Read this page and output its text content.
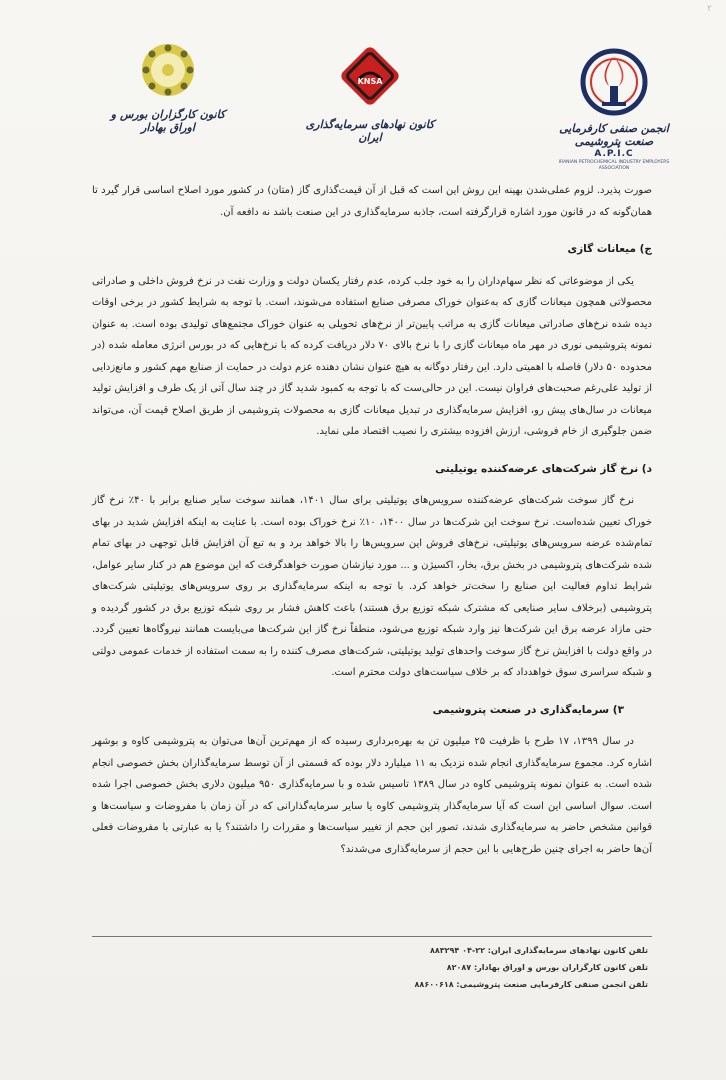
٢
انجمن صنفی کارفرمایی صنعت پتروشیمی
A.P.I.C
IRANIAN PETROCHEMICAL INDUSTRY EMPLOYERS ASSOCIATION
KNSA
کانون نهادهای سرمایه‌گذاری ایران
کانون کارگزاران بورس و اوراق بهادار

صورت پذیرد. لزوم عملی‌شدن بهینه این روش این است که قبل از آن قیمت‌گذاری گاز (متان) در کشور مورد اصلاح اساسی قرار گیرد تا همان‌گونه که در قانون مورد اشاره قرارگرفته است، جاذبه سرمایه‌گذاری در این صنعت باشد نه دافعه آن.

ج) میعانات گازی

یکی از موضوعاتی که نظر سهام‌داران را به خود جلب کرده، عدم رفتار یکسان دولت و وزارت نفت در نرخ فروش داخلی و صادراتی محصولاتی همچون میعانات گازی که به‌عنوان خوراک مصرفی صنایع استفاده می‌شوند، است. با توجه به شرایط کشور در برخی اوقات دیده شده نرخ‌های صادراتی میعانات گازی به مراتب پایین‌تر از نرخ‌های تحویلی به عنوان خوراک مجتمع‌های تولیدی بوده است. به عنوان نمونه پتروشیمی نوری در مهر ماه میعانات گازی را با نرخ بالای ۷۰ دلار دریافت کرده که با نرخ‌هایی که در بورس انرژی معامله شده (در محدوده ۵۰ دلار) فاصله با اهمیتی دارد. این رفتار دوگانه به هیچ عنوان نشان دهنده عزم دولت در حمایت از صنایع مهم کشور و مانع‌زدایی از تولید علی‌رغم صحبت‌های فراوان نیست. این در حالی‌ست که با توجه به کمبود شدید گاز در چند سال آتی از یک طرف و افزایش تولید میعانات در سال‌های پیش رو، افزایش سرمایه‌گذاری در تبدیل میعانات گازی به محصولات پتروشیمی از طریق اصلاح قیمت آن، می‌تواند ضمن جلوگیری از خام فروشی، ارزش افزوده بیشتری را نصیب اقتصاد ملی نماید.

د) نرخ گاز شرکت‌های عرضه‌کننده یوتیلیتی

نرخ گاز سوخت شرکت‌های عرضه‌کننده سرویس‌های یوتیلیتی برای سال ۱۴۰۱، همانند سوخت سایر صنایع برابر با ۴۰٪ نرخ گاز خوراک تعیین شده‌است. نرخ سوخت این شرکت‌ها در سال ۱۴۰۰، ۱۰٪ نرخ خوراک بوده است. با عنایت به اینکه افزایش شدید در بهای تمام‌شده عرضه سرویس‌های یوتیلیتی، نرخ‌های فروش این سرویس‌ها را بالا خواهد برد و به تبع آن افزایش قابل توجهی در بهای تمام شده شرکت‌های پتروشیمی در بخش برق، بخار، اکسیژن و ... مورد نیازشان صورت خواهدگرفت که این موضوع هم در کنار سایر عوامل، شرایط تداوم فعالیت این صنایع را سخت‌تر خواهد کرد. با توجه به اینکه سرمایه‌گذاری بر روی سرویس‌های یوتیلیتی شرکت‌های پتروشیمی (برخلاف سایر صنایعی که مشترک شبکه توزیع برق هستند) باعث کاهش فشار بر روی شبکه توزیع برق در کشور گردیده و حتی مازاد عرضه برق این شرکت‌ها نیز وارد شبکه توزیع می‌شود، منطقاً نرخ گاز این شرکت‌ها می‌بایست همانند نیروگاه‌ها تعیین گردد. در واقع دولت با افزایش نرخ گاز سوخت واحدهای تولید یوتیلیتی، شرکت‌های مصرف کننده را به سمت استفاده از خدمات عمومی دولتی و شبکه سراسری سوق خواهدداد که بر خلاف سیاست‌های دولت محترم است.

۳) سرمایه‌گذاری در صنعت پتروشیمی

در سال ۱۳۹۹، ۱۷ طرح با ظرفیت ۲۵ میلیون تن به بهره‌برداری رسیده که از مهم‌ترین آن‌ها می‌توان به پتروشیمی کاوه و بوشهر اشاره کرد. مجموع سرمایه‌گذاری انجام شده نزدیک به ۱۱ میلیارد دلار بوده که قسمتی از آن توسط سرمایه‌گذاران بخش خصوصی انجام شده است. به عنوان نمونه پتروشیمی کاوه در سال ۱۳۸۹ تاسیس شده و با سرمایه‌گذاری ۹۵۰ میلیون دلاری بخش خصوصی اجرا شده است. سوال اساسی این است که آیا سرمایه‌گذار پتروشیمی کاوه یا سایر سرمایه‌گذارانی که در آن زمان با مفروضات و سیاست‌ها و قوانین مشخص حاضر به سرمایه‌گذاری شدند، تصور این حجم از تغییر سیاست‌ها و مقررات را داشتند؟ یا به عبارتی با مفروضات فعلی آن‌ها حاضر به اجرای چنین طرح‌هایی با این حجم از سرمایه‌گذاری می‌شدند؟

تلفن کانون نهادهای سرمایه‌گذاری ایران: ۲۲-۰۴ ۸۸۳۲۹۴
تلفن کانون کارگزاران بورس و اوراق بهادار: ۸۲۰۸۷
تلفن انجمن صنفی کارفرمایی صنعت پتروشیمی: ۸۸۶۰۰۶۱۸
